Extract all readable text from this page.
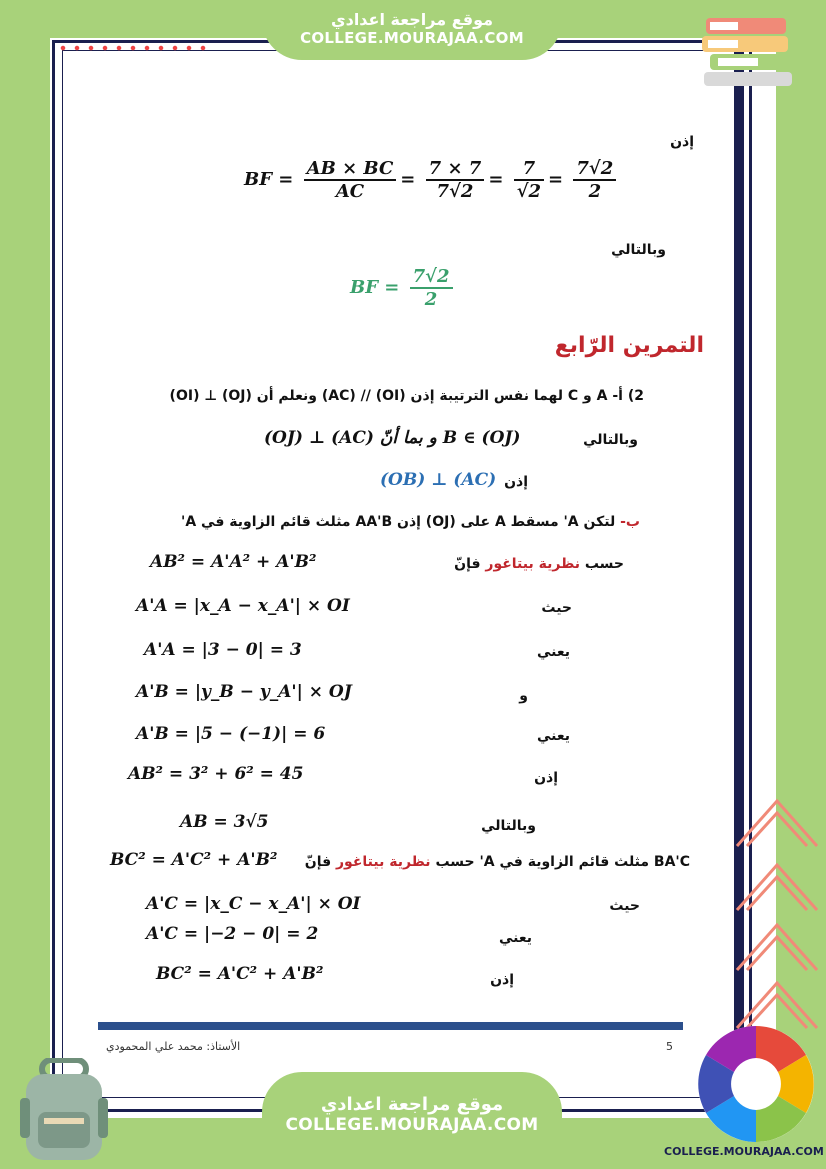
موقع مراجعة اعدادي
COLLEGE.MOURAJAA.COM
إذن
BF = $\frac{AB \times BC}{AC} = \frac{7 \times 7}{7√2} = \frac{7}{√2} = \frac{7√2}{2}$
وبالتالي
BF = $\frac{7√2}{2}$
التمرين الرّابع
2) أ- A و C لهما نفس الترتيبة إذن (OI) // (AC) ونعلم أن (OJ) ⊥ (OI)
وبالتالي
(OJ) ⊥ (AC) و بما أنّ B ∈ (OJ)
إذن
(OB) ⊥ (AC)
ب- لتكن A' مسقط A على (OJ) إذن AA'B مثلث قائم الزاوية في A'
حسب نظرية بيتاغور فإنّ
AB² = A'A² + A'B²
حيث
A'A = |x_A − x_A'| × OI
يعني
A'A = |3 − 0| = 3
و
A'B = |y_B − y_A'| × OJ
يعني
A'B = |5 − (−1)| = 6
إذن
AB² = 3² + 6² = 45
وبالتالي
AB = 3√5
BA'C مثلث قائم الزاوية في A' حسب نظرية بيتاغور فإنّ
BC² = A'C² + A'B²
حيث
A'C = |x_C − x_A'| × OI
يعني
A'C = |−2 − 0| = 2
إذن
BC² = A'C² + A'B²
الأستاذ: محمد علي المحمودي	5
موقع مراجعة اعدادي
COLLEGE.MOURAJAA.COM
COLLEGE.MOURAJAA.COM
